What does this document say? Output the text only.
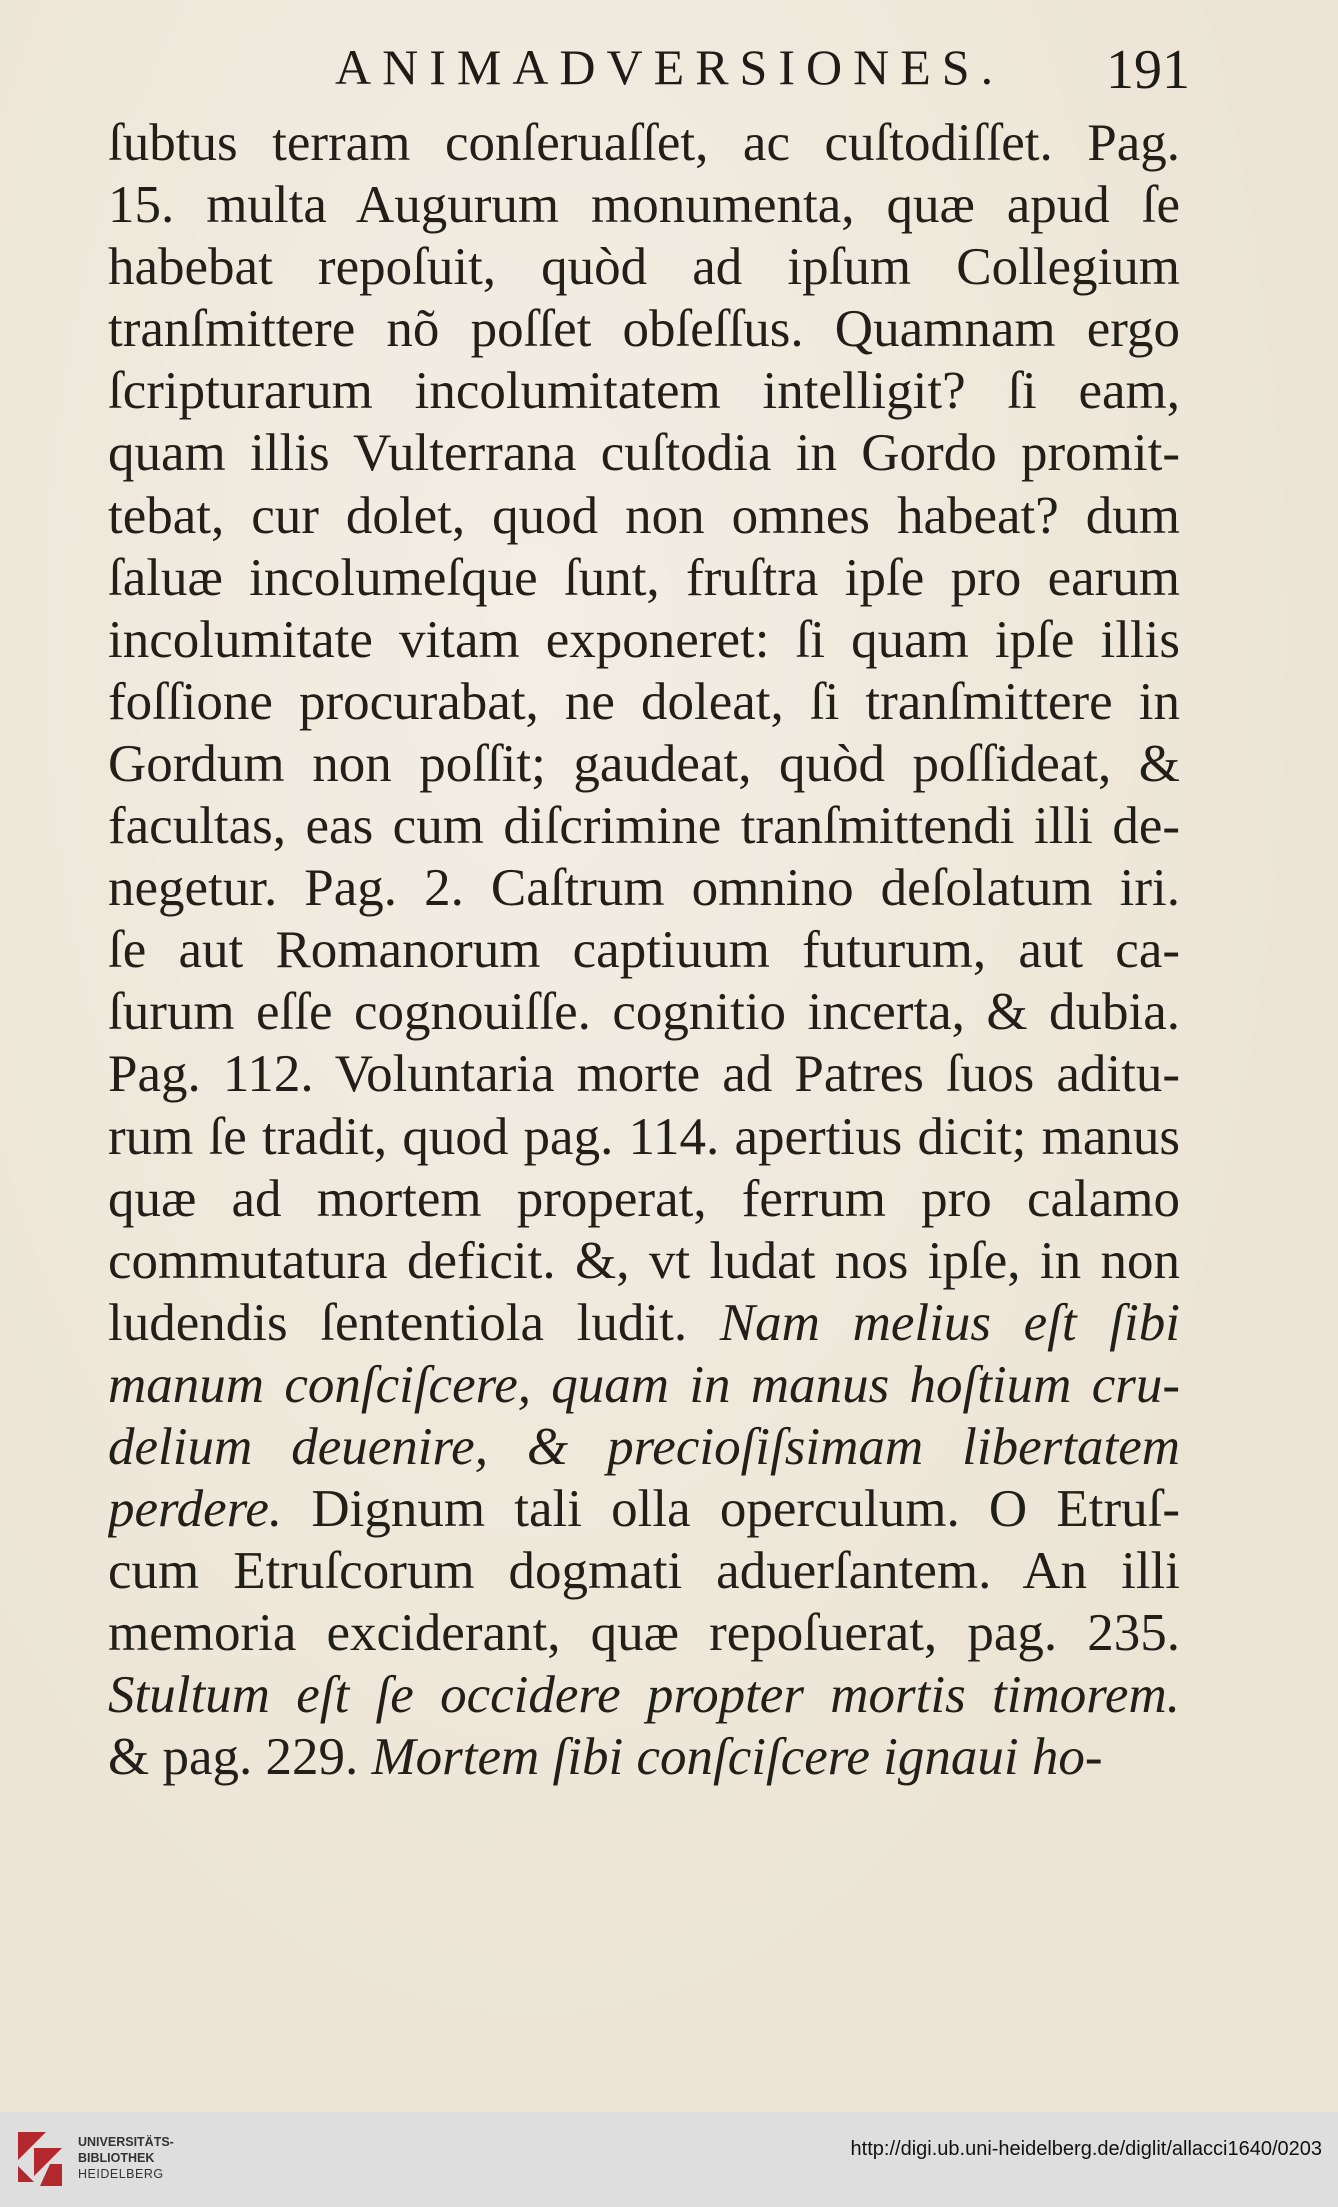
ANIMADVERSIONES. 191
ſubtus terram conſeruaſſet, ac cuſtodiſſet. Pag.
15. multa Augurum monumenta, quæ apud ſe
habebat repoſuit, quòd ad ipſum Collegium
tranſmittere nõ poſſet obſeſſus. Quamnam ergo
ſcripturarum incolumitatem intelligit? ſi eam,
quam illis Vulterrana cuſtodia in Gordo promit-
tebat, cur dolet, quod non omnes habeat? dum
ſaluæ incolumeſque ſunt, fruſtra ipſe pro earum
incolumitate vitam exponeret: ſi quam ipſe illis
foſſione procurabat, ne doleat, ſi tranſmittere in
Gordum non poſſit; gaudeat, quòd poſſideat, &
facultas, eas cum diſcrimine tranſmittendi illi de-
negetur. Pag. 2. Caſtrum omnino deſolatum iri.
ſe aut Romanorum captiuum futurum, aut ca-
ſurum eſſe cognouiſſe. cognitio incerta, & dubia.
Pag. 112. Voluntaria morte ad Patres ſuos aditu-
rum ſe tradit, quod pag. 114. apertius dicit; manus
quæ ad mortem properat, ferrum pro calamo
commutatura deficit. &, vt ludat nos ipſe, in non
ludendis ſententiola ludit. Nam melius eſt ſibi
manum conſciſcere, quam in manus hoſtium cru-
delium deuenire, & precioſiſsimam libertatem
perdere. Dignum tali olla operculum. O Etruſ-
cum Etruſcorum dogmati aduerſantem. An illi
memoria exciderant, quæ repoſuerat, pag. 235.
Stultum eſt ſe occidere propter mortis timorem.
& pag. 229. Mortem ſibi conſciſcere ignaui ho-
UNIVERSITÄTS-
BIBLIOTHEK
HEIDELBERG
http://digi.ub.uni-heidelberg.de/diglit/allacci1640/0203
